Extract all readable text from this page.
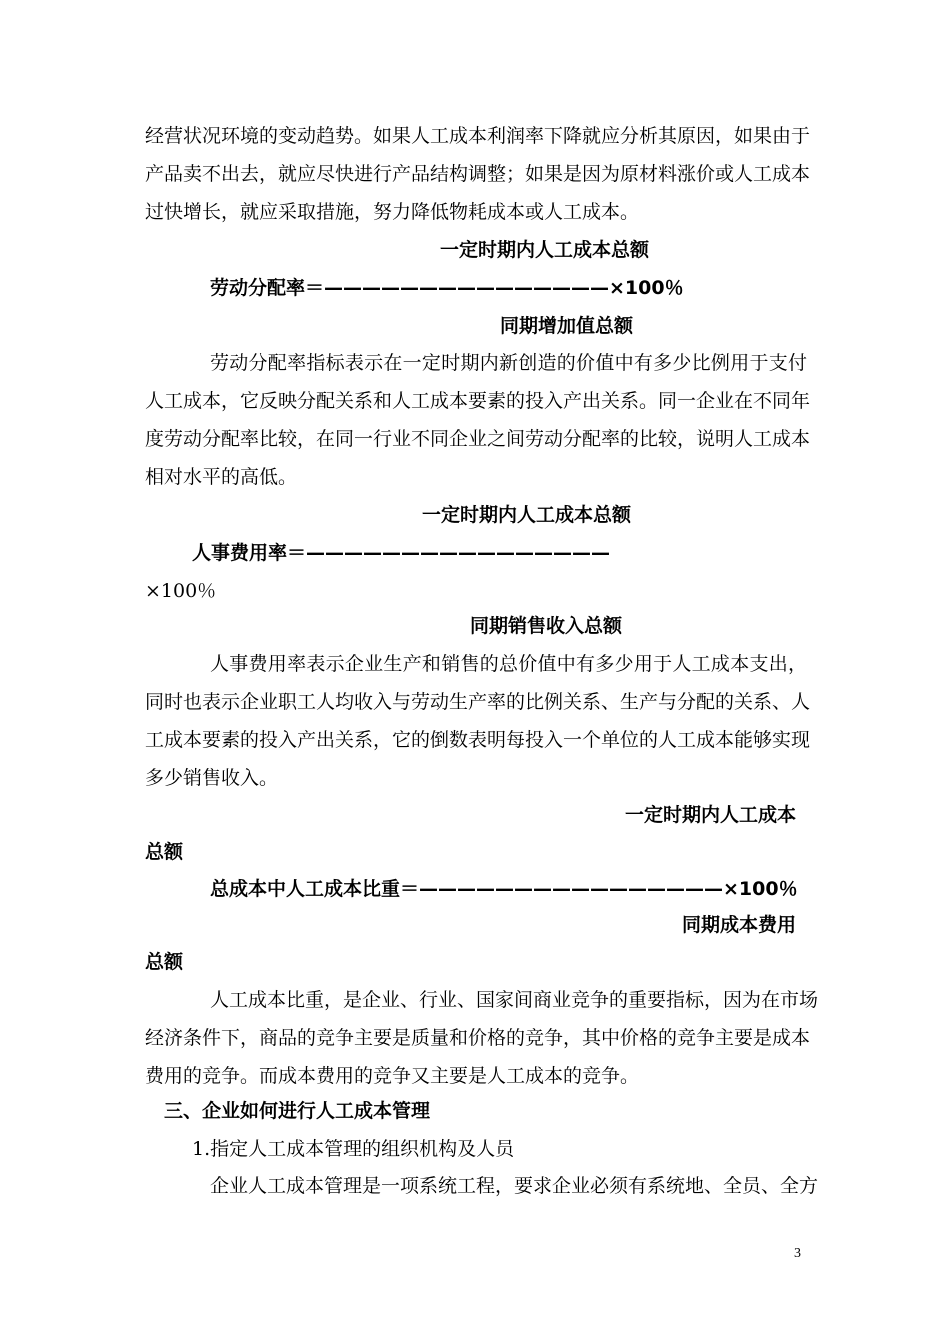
经营状况环境的变动趋势。如果人工成本利润率下降就应分析其原因，如果由于
产品卖不出去，就应尽快进行产品结构调整；如果是因为原材料涨价或人工成本
过快增长，就应采取措施，努力降低物耗成本或人工成本。
一定时期内人工成本总额
劳动分配率＝———————————————×100％
同期增加值总额
劳动分配率指标表示在一定时期内新创造的价值中有多少比例用于支付
人工成本，它反映分配关系和人工成本要素的投入产出关系。同一企业在不同年
度劳动分配率比较，在同一行业不同企业之间劳动分配率的比较，说明人工成本
相对水平的高低。
一定时期内人工成本总额
人事费用率＝————————————————
×100％
同期销售收入总额
人事费用率表示企业生产和销售的总价值中有多少用于人工成本支出，
同时也表示企业职工人均收入与劳动生产率的比例关系、生产与分配的关系、人
工成本要素的投入产出关系，它的倒数表明每投入一个单位的人工成本能够实现
多少销售收入。
一定时期内人工成本
总额
总成本中人工成本比重＝————————————————×100％
同期成本费用
总额
人工成本比重，是企业、行业、国家间商业竞争的重要指标，因为在市场
经济条件下，商品的竞争主要是质量和价格的竞争，其中价格的竞争主要是成本
费用的竞争。而成本费用的竞争又主要是人工成本的竞争。
三、企业如何进行人工成本管理
1.指定人工成本管理的组织机构及人员
企业人工成本管理是一项系统工程，要求企业必须有系统地、全员、全方
3
